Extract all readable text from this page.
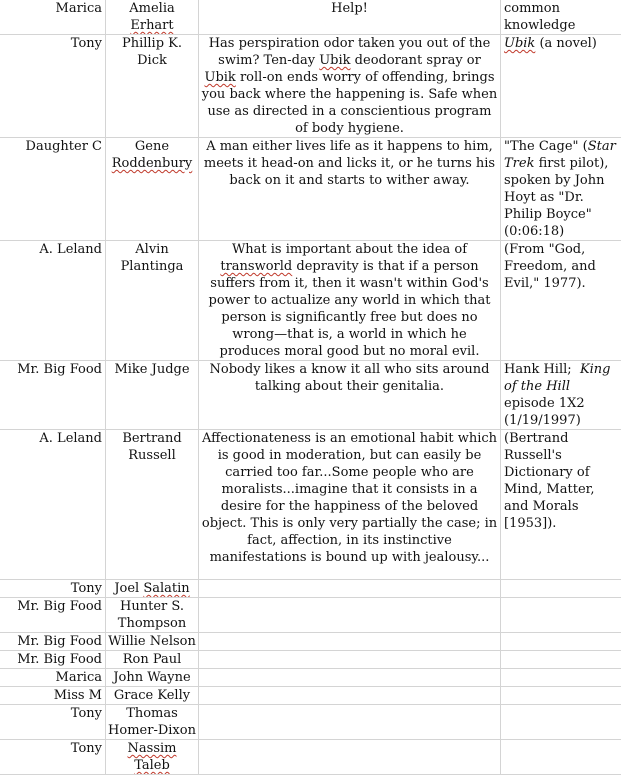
Marica	Amelia Erhart	Help!	common knowledge
Tony	Phillip K. Dick	Has perspiration odor taken you out of the swim? Ten-day Ubik deodorant spray or Ubik roll-on ends worry of offending, brings you back where the happening is. Safe when use as directed in a conscientious program of body hygiene.	Ubik (a novel)
Daughter C	Gene Roddenbury	A man either lives life as it happens to him, meets it head-on and licks it, or he turns his back on it and starts to wither away.	"The Cage" (Star Trek first pilot), spoken by John Hoyt as "Dr. Philip Boyce" (0:06:18)
A. Leland	Alvin Plantinga	What is important about the idea of transworld depravity is that if a person suffers from it, then it wasn't within God's power to actualize any world in which that person is significantly free but does no wrong—that is, a world in which he produces moral good but no moral evil.	(From "God, Freedom, and Evil," 1977).
Mr. Big Food	Mike Judge	Nobody likes a know it all who sits around talking about their genitalia.	Hank Hill;  King of the Hill episode 1X2 (1/19/1997)
A. Leland	Bertrand Russell	Affectionateness is an emotional habit which is good in moderation, but can easily be carried too far...Some people who are moralists...imagine that it consists in a desire for the happiness of the beloved object. This is only very partially the case; in fact, affection, in its instinctive manifestations is bound up with jealousy...	(Bertrand Russell's Dictionary of Mind, Matter, and Morals [1953]).
Tony	Joel Salatin		
Mr. Big Food	Hunter S. Thompson		
Mr. Big Food	Willie Nelson		
Mr. Big Food	Ron Paul		
Marica	John Wayne		
Miss M	Grace Kelly		
Tony	Thomas Homer-Dixon		
Tony	Nassim Taleb		
